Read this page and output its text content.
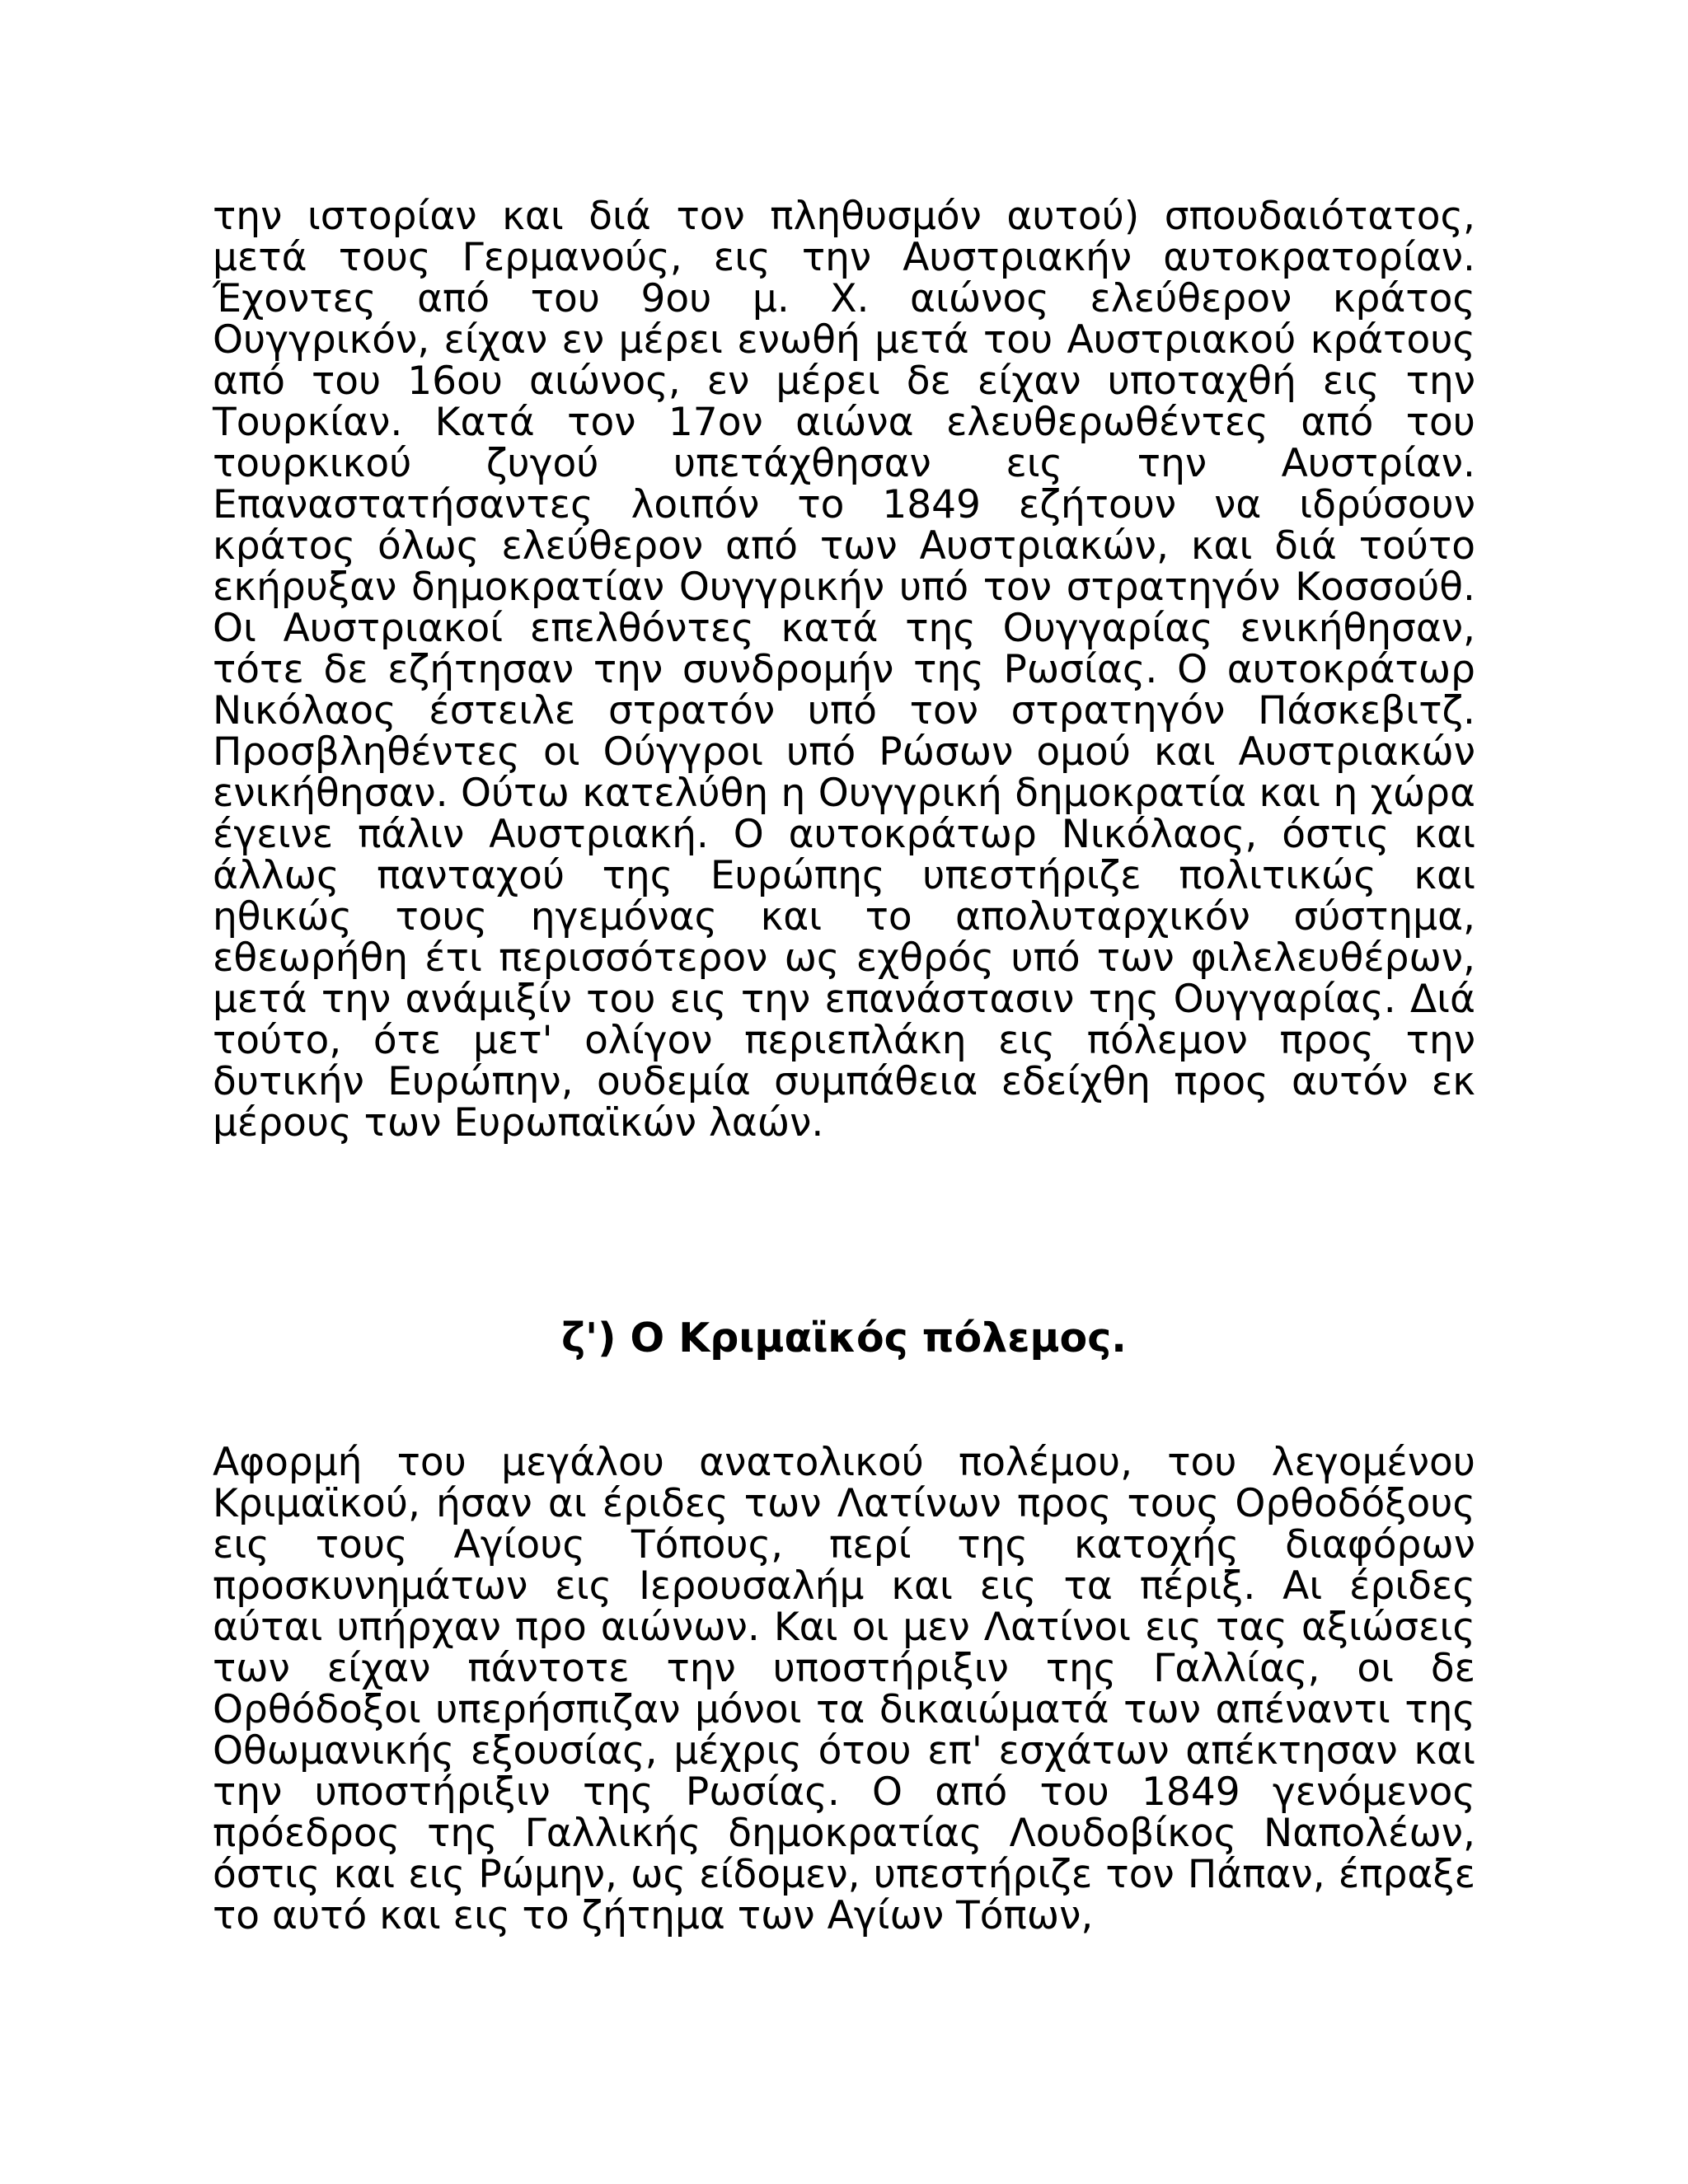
την ιστορίαν και διά τον πληθυσμόν αυτού) σπουδαιότατος, μετά τους Γερμανούς, εις την Αυστριακήν αυτοκρατορίαν. Έχοντες από του 9ου μ. Χ. αιώνος ελεύθερον κράτος Ουγγρικόν, είχαν εν μέρει ενωθή μετά του Αυστριακού κράτους από του 16ου αιώνος, εν μέρει δε είχαν υποταχθή εις την Τουρκίαν. Κατά τον 17ον αιώνα ελευθερωθέντες από του τουρκικού ζυγού υπετάχθησαν εις την Αυστρίαν. Επαναστατήσαντες λοιπόν το 1849 εζήτουν να ιδρύσουν κράτος όλως ελεύθερον από των Αυστριακών, και διά τούτο εκήρυξαν δημοκρατίαν Ουγγρικήν υπό τον στρατηγόν Κοσσούθ. Οι Αυστριακοί επελθόντες κατά της Ουγγαρίας ενικήθησαν, τότε δε εζήτησαν την συνδρομήν της Ρωσίας. Ο αυτοκράτωρ Νικόλαος έστειλε στρατόν υπό τον στρατηγόν Πάσκεβιτζ. Προσβληθέντες οι Ούγγροι υπό Ρώσων ομού και Αυστριακών ενικήθησαν. Ούτω κατελύθη η Ουγγρική δημοκρατία και η χώρα έγεινε πάλιν Αυστριακή. Ο αυτοκράτωρ Νικόλαος, όστις και άλλως πανταχού της Ευρώπης υπεστήριζε πολιτικώς και ηθικώς τους ηγεμόνας και το απολυταρχικόν σύστημα, εθεωρήθη έτι περισσότερον ως εχθρός υπό των φιλελευθέρων, μετά την ανάμιξίν του εις την επανάστασιν της Ουγγαρίας. Διά τούτο, ότε μετ' ολίγον περιεπλάκη εις πόλεμον προς την δυτικήν Ευρώπην, ουδεμία συμπάθεια εδείχθη προς αυτόν εκ μέρους των Ευρωπαϊκών λαών.

ζ') Ο Κριμαϊκός πόλεμος.

Αφορμή του μεγάλου ανατολικού πολέμου, του λεγομένου Κριμαϊκού, ήσαν αι έριδες των Λατίνων προς τους Ορθοδόξους εις τους Αγίους Τόπους, περί της κατοχής διαφόρων προσκυνημάτων εις Ιερουσαλήμ και εις τα πέριξ. Αι έριδες αύται υπήρχαν προ αιώνων. Και οι μεν Λατίνοι εις τας αξιώσεις των είχαν πάντοτε την υποστήριξιν της Γαλλίας, οι δε Ορθόδοξοι υπερήσπιζαν μόνοι τα δικαιώματά των απέναντι της Οθωμανικής εξουσίας, μέχρις ότου επ' εσχάτων απέκτησαν και την υποστήριξιν της Ρωσίας. Ο από του 1849 γενόμενος πρόεδρος της Γαλλικής δημοκρατίας Λουδοβίκος Ναπολέων, όστις και εις Ρώμην, ως είδομεν, υπεστήριζε τον Πάπαν, έπραξε το αυτό και εις το ζήτημα των Αγίων Τόπων,
